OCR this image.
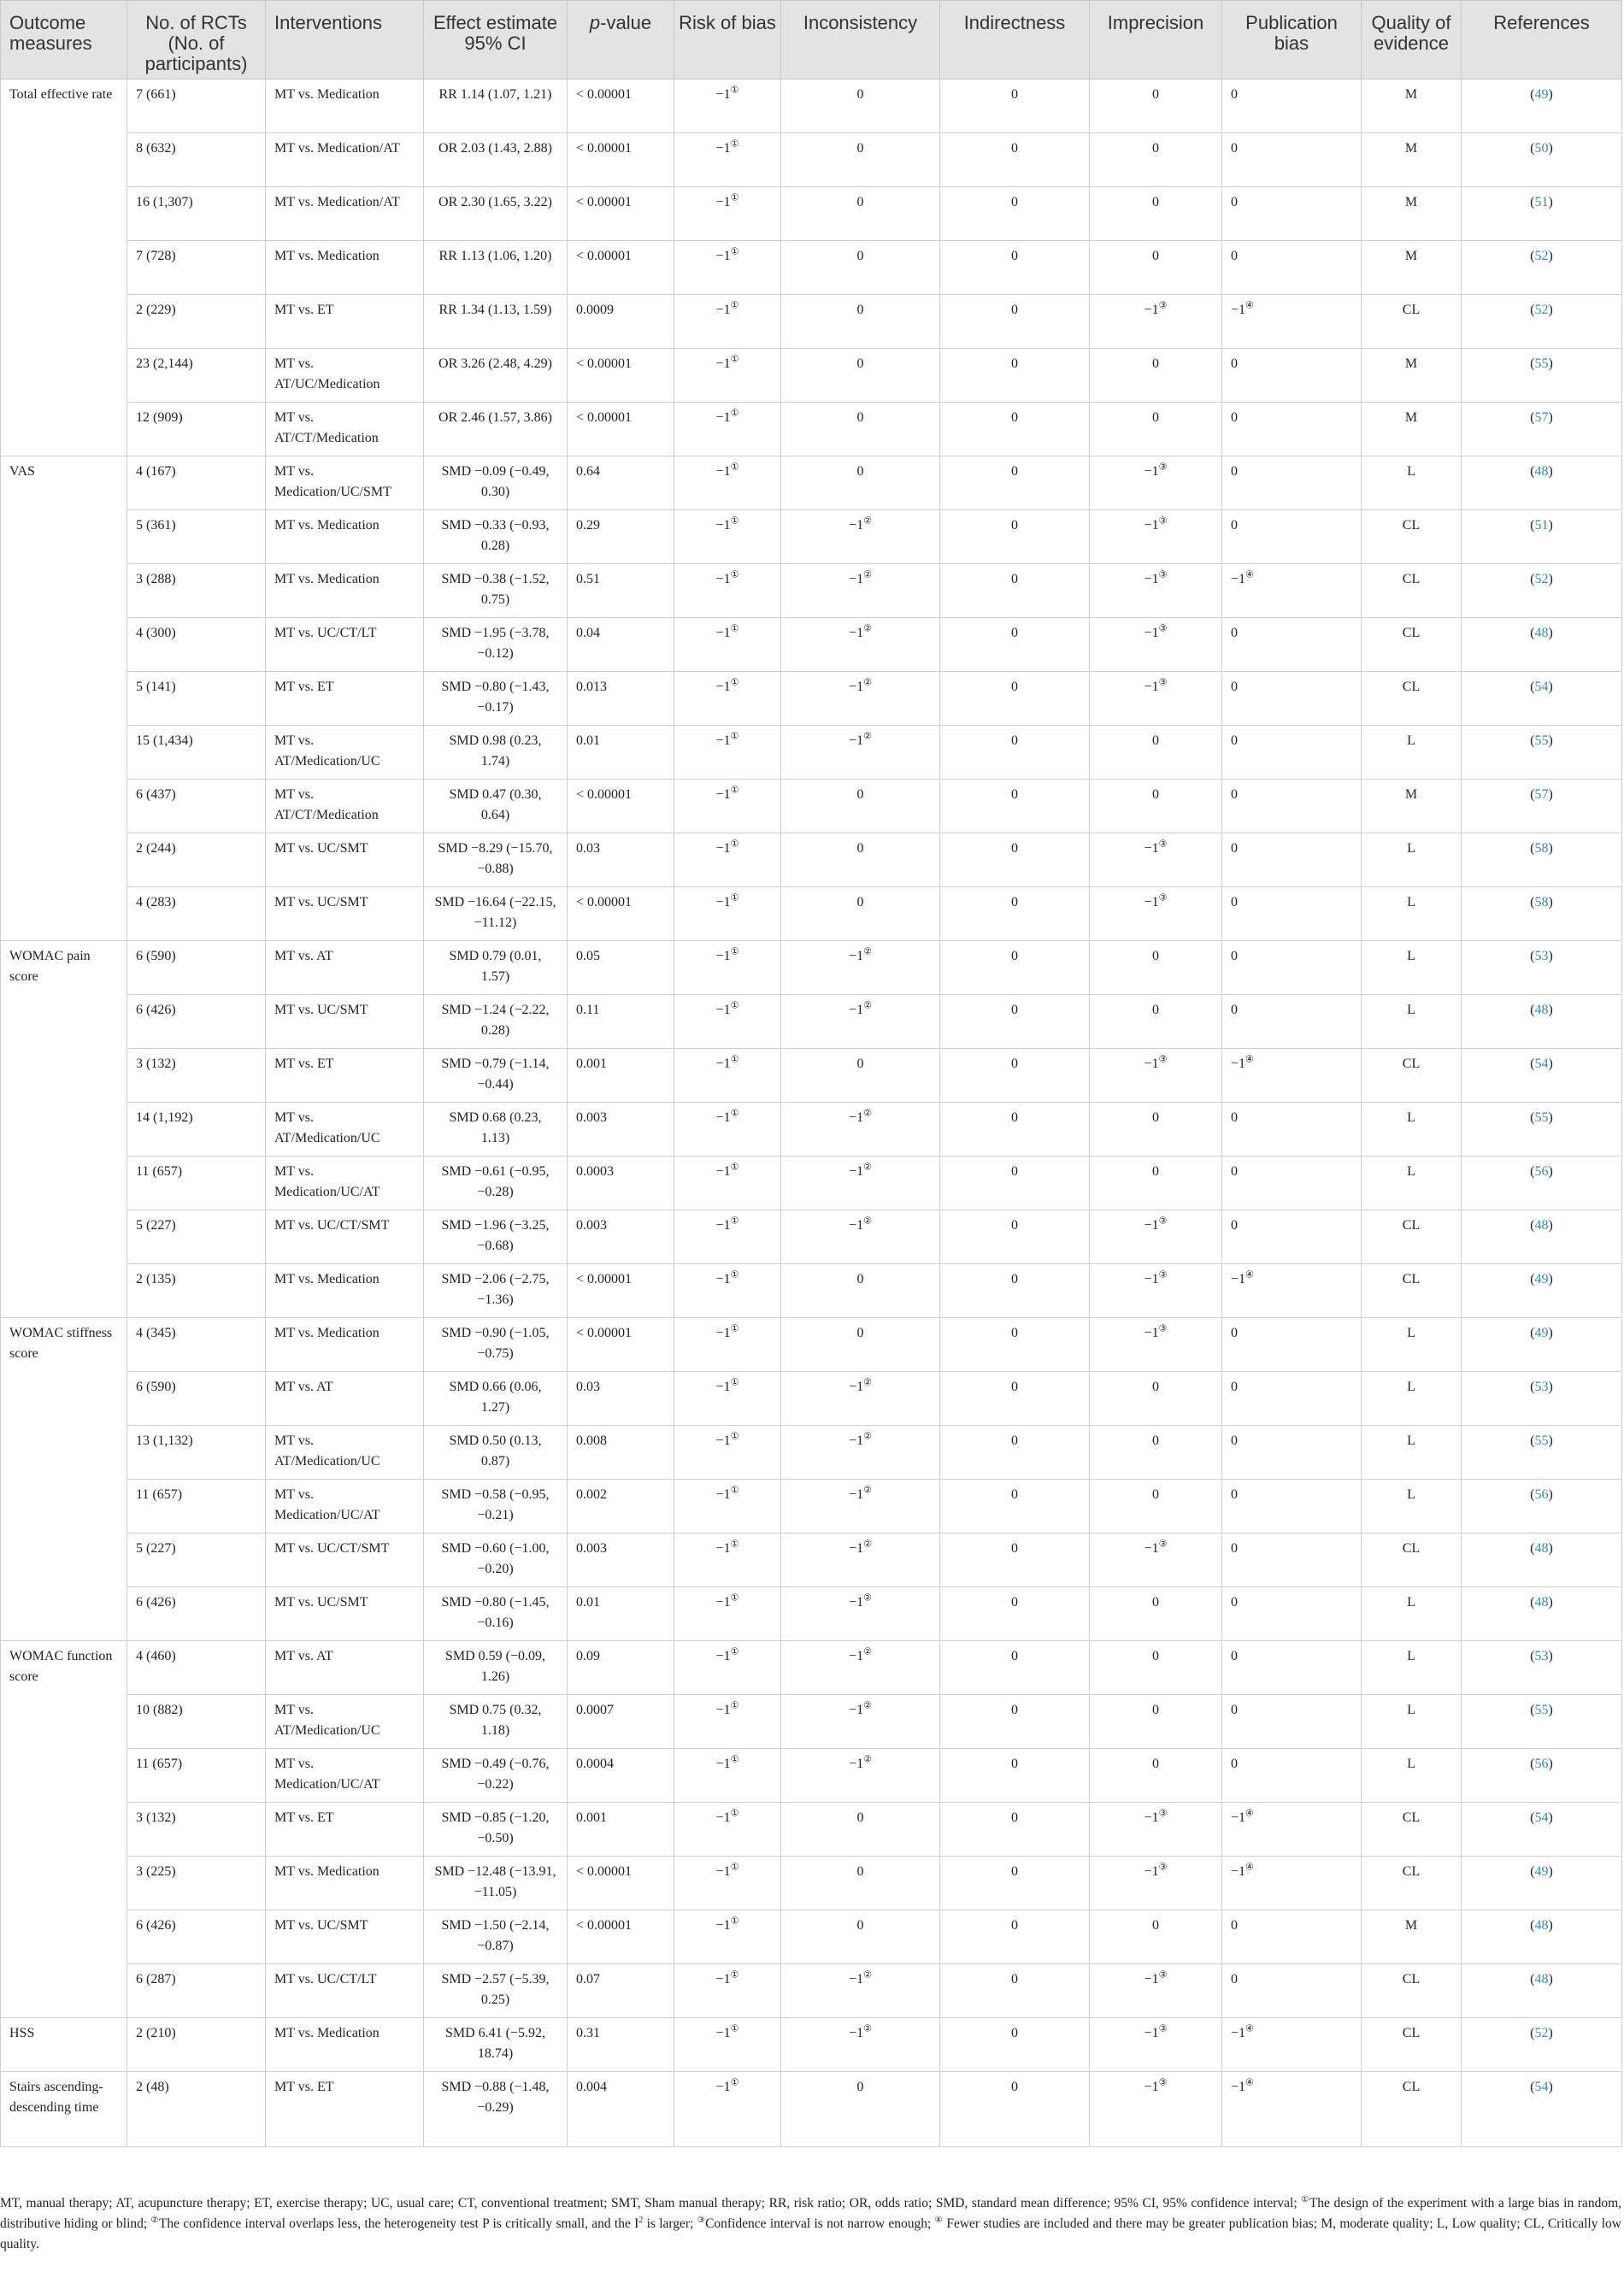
Outcome measures	No. of RCTs (No. of participants)	Interventions	Effect estimate 95% CI	p-value	Risk of bias	Inconsistency	Indirectness	Imprecision	Publication bias	Quality of evidence	References
Total effective rate	7 (661)	MT vs. Medication	RR 1.14 (1.07, 1.21)	< 0.00001	−1①	0	0	0	0	M	(49)
	8 (632)	MT vs. Medication/AT	OR 2.03 (1.43, 2.88)	< 0.00001	−1①	0	0	0	0	M	(50)
	16 (1,307)	MT vs. Medication/AT	OR 2.30 (1.65, 3.22)	< 0.00001	−1①	0	0	0	0	M	(51)
	7 (728)	MT vs. Medication	RR 1.13 (1.06, 1.20)	< 0.00001	−1①	0	0	0	0	M	(52)
	2 (229)	MT vs. ET	RR 1.34 (1.13, 1.59)	0.0009	−1①	0	0	−1③	−1④	CL	(52)
	23 (2,144)	MT vs. AT/UC/Medication	OR 3.26 (2.48, 4.29)	< 0.00001	−1①	0	0	0	0	M	(55)
	12 (909)	MT vs. AT/CT/Medication	OR 2.46 (1.57, 3.86)	< 0.00001	−1①	0	0	0	0	M	(57)
VAS	4 (167)	MT vs. Medication/UC/SMT	SMD −0.09 (−0.49, 0.30)	0.64	−1①	0	0	−1③	0	L	(48)
	5 (361)	MT vs. Medication	SMD −0.33 (−0.93, 0.28)	0.29	−1①	−1②	0	−1③	0	CL	(51)
	3 (288)	MT vs. Medication	SMD −0.38 (−1.52, 0.75)	0.51	−1①	−1②	0	−1③	−1④	CL	(52)
	4 (300)	MT vs. UC/CT/LT	SMD −1.95 (−3.78, −0.12)	0.04	−1①	−1②	0	−1③	0	CL	(48)
	5 (141)	MT vs. ET	SMD −0.80 (−1.43, −0.17)	0.013	−1①	−1②	0	−1③	0	CL	(54)
	15 (1,434)	MT vs. AT/Medication/UC	SMD 0.98 (0.23, 1.74)	0.01	−1①	−1②	0	0	0	L	(55)
	6 (437)	MT vs. AT/CT/Medication	SMD 0.47 (0.30, 0.64)	< 0.00001	−1①	0	0	0	0	M	(57)
	2 (244)	MT vs. UC/SMT	SMD −8.29 (−15.70, −0.88)	0.03	−1①	0	0	−1③	0	L	(58)
	4 (283)	MT vs. UC/SMT	SMD −16.64 (−22.15, −11.12)	< 0.00001	−1①	0	0	−1③	0	L	(58)
WOMAC pain score	6 (590)	MT vs. AT	SMD 0.79 (0.01, 1.57)	0.05	−1①	−1②	0	0	0	L	(53)
	6 (426)	MT vs. UC/SMT	SMD −1.24 (−2.22, 0.28)	0.11	−1①	−1②	0	0	0	L	(48)
	3 (132)	MT vs. ET	SMD −0.79 (−1.14, −0.44)	0.001	−1①	0	0	−1③	−1④	CL	(54)
	14 (1,192)	MT vs. AT/Medication/UC	SMD 0.68 (0.23, 1.13)	0.003	−1①	−1②	0	0	0	L	(55)
	11 (657)	MT vs. Medication/UC/AT	SMD −0.61 (−0.95, −0.28)	0.0003	−1①	−1②	0	0	0	L	(56)
	5 (227)	MT vs. UC/CT/SMT	SMD −1.96 (−3.25, −0.68)	0.003	−1①	−1②	0	−1③	0	CL	(48)
	2 (135)	MT vs. Medication	SMD −2.06 (−2.75, −1.36)	< 0.00001	−1①	0	0	−1③	−1④	CL	(49)
WOMAC stiffness score	4 (345)	MT vs. Medication	SMD −0.90 (−1.05, −0.75)	< 0.00001	−1①	0	0	−1③	0	L	(49)
	6 (590)	MT vs. AT	SMD 0.66 (0.06, 1.27)	0.03	−1①	−1②	0	0	0	L	(53)
	13 (1,132)	MT vs. AT/Medication/UC	SMD 0.50 (0.13, 0.87)	0.008	−1①	−1②	0	0	0	L	(55)
	11 (657)	MT vs. Medication/UC/AT	SMD −0.58 (−0.95, −0.21)	0.002	−1①	−1②	0	0	0	L	(56)
	5 (227)	MT vs. UC/CT/SMT	SMD −0.60 (−1.00, −0.20)	0.003	−1①	−1②	0	−1③	0	CL	(48)
	6 (426)	MT vs. UC/SMT	SMD −0.80 (−1.45, −0.16)	0.01	−1①	−1②	0	0	0	L	(48)
WOMAC function score	4 (460)	MT vs. AT	SMD 0.59 (−0.09, 1.26)	0.09	−1①	−1②	0	0	0	L	(53)
	10 (882)	MT vs. AT/Medication/UC	SMD 0.75 (0.32, 1.18)	0.0007	−1①	−1②	0	0	0	L	(55)
	11 (657)	MT vs. Medication/UC/AT	SMD −0.49 (−0.76, −0.22)	0.0004	−1①	−1②	0	0	0	L	(56)
	3 (132)	MT vs. ET	SMD −0.85 (−1.20, −0.50)	0.001	−1①	0	0	−1③	−1④	CL	(54)
	3 (225)	MT vs. Medication	SMD −12.48 (−13.91, −11.05)	< 0.00001	−1①	0	0	−1③	−1④	CL	(49)
	6 (426)	MT vs. UC/SMT	SMD −1.50 (−2.14, −0.87)	< 0.00001	−1①	0	0	0	0	M	(48)
	6 (287)	MT vs. UC/CT/LT	SMD −2.57 (−5.39, 0.25)	0.07	−1①	−1②	0	−1③	0	CL	(48)
HSS	2 (210)	MT vs. Medication	SMD 6.41 (−5.92, 18.74)	0.31	−1①	−1②	0	−1③	−1④	CL	(52)
Stairs ascending-descending time	2 (48)	MT vs. ET	SMD −0.88 (−1.48, −0.29)	0.004	−1①	0	0	−1③	−1④	CL	(54)

MT, manual therapy; AT, acupuncture therapy; ET, exercise therapy; UC, usual care; CT, conventional treatment; SMT, Sham manual therapy; RR, risk ratio; OR, odds ratio; SMD, standard mean difference; 95% CI, 95% confidence interval; ①The design of the experiment with a large bias in random, distributive hiding or blind; ②The confidence interval overlaps less, the heterogeneity test P is critically small, and the $I^2$ is larger; ③Confidence interval is not narrow enough; ④ Fewer studies are included and there may be greater publication bias; M, moderate quality; L, Low quality; CL, Critically low quality.
